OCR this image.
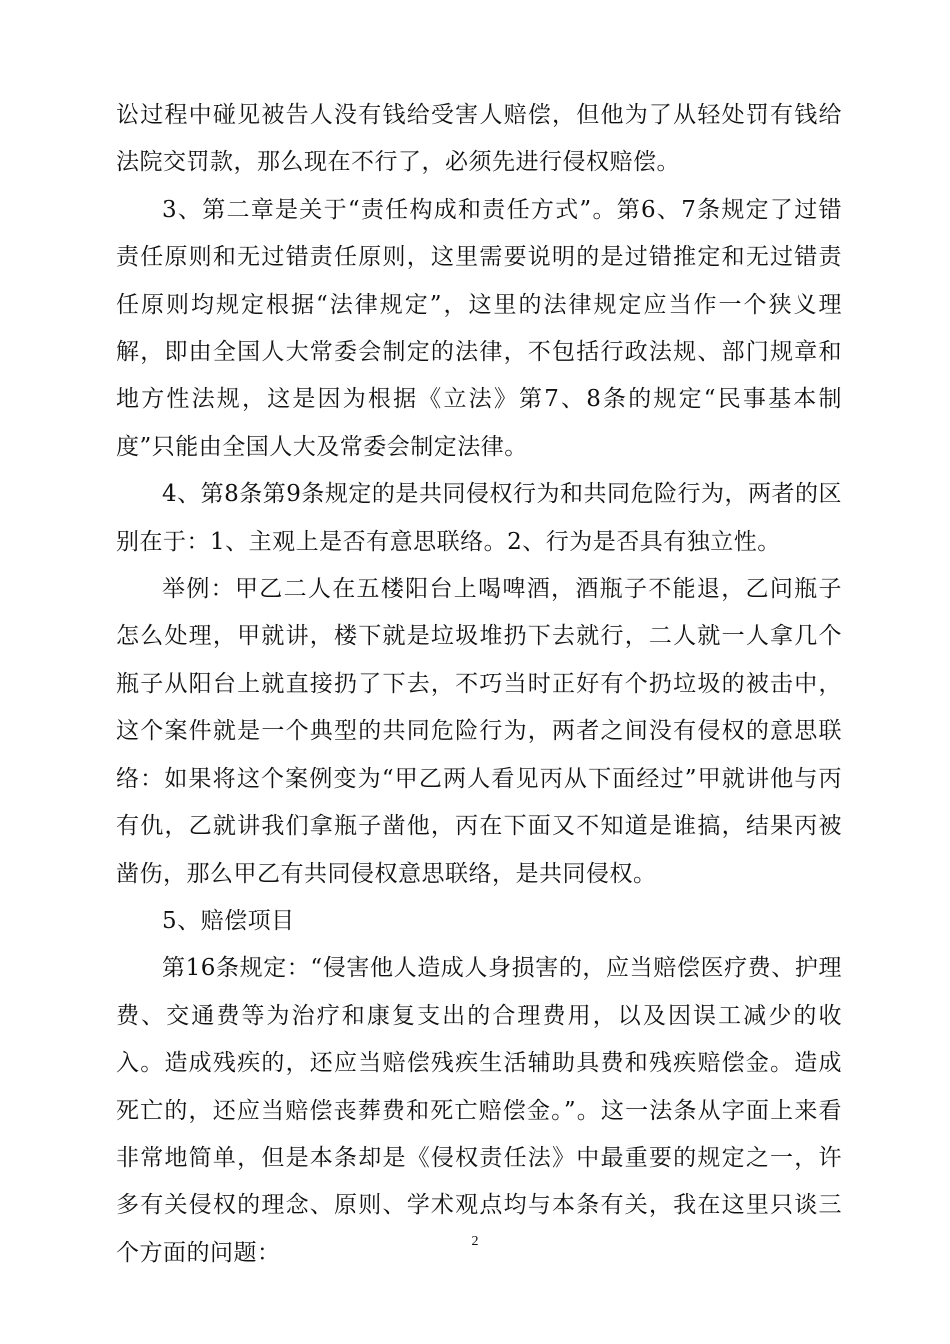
讼过程中碰见被告人没有钱给受害人赔偿，但他为了从轻处罚有钱给法院交罚款，那么现在不行了，必须先进行侵权赔偿。

3、第二章是关于“责任构成和责任方式”。第6、7条规定了过错责任原则和无过错责任原则，这里需要说明的是过错推定和无过错责任原则均规定根据“法律规定”，这里的法律规定应当作一个狭义理解，即由全国人大常委会制定的法律，不包括行政法规、部门规章和地方性法规，这是因为根据《立法》第7、8条的规定“民事基本制度”只能由全国人大及常委会制定法律。

4、第8条第9条规定的是共同侵权行为和共同危险行为，两者的区别在于：1、主观上是否有意思联络。2、行为是否具有独立性。

举例：甲乙二人在五楼阳台上喝啤酒，酒瓶子不能退，乙问瓶子怎么处理，甲就讲，楼下就是垃圾堆扔下去就行，二人就一人拿几个瓶子从阳台上就直接扔了下去，不巧当时正好有个扔垃圾的被击中，这个案件就是一个典型的共同危险行为，两者之间没有侵权的意思联络：如果将这个案例变为“甲乙两人看见丙从下面经过”甲就讲他与丙有仇，乙就讲我们拿瓶子凿他，丙在下面又不知道是谁搞，结果丙被凿伤，那么甲乙有共同侵权意思联络，是共同侵权。

5、赔偿项目

第16条规定：“侵害他人造成人身损害的，应当赔偿医疗费、护理费、交通费等为治疗和康复支出的合理费用，以及因误工减少的收入。造成残疾的，还应当赔偿残疾生活辅助具费和残疾赔偿金。造成死亡的，还应当赔偿丧葬费和死亡赔偿金。”。这一法条从字面上来看非常地简单，但是本条却是《侵权责任法》中最重要的规定之一，许多有关侵权的理念、原则、学术观点均与本条有关，我在这里只谈三个方面的问题：	2
